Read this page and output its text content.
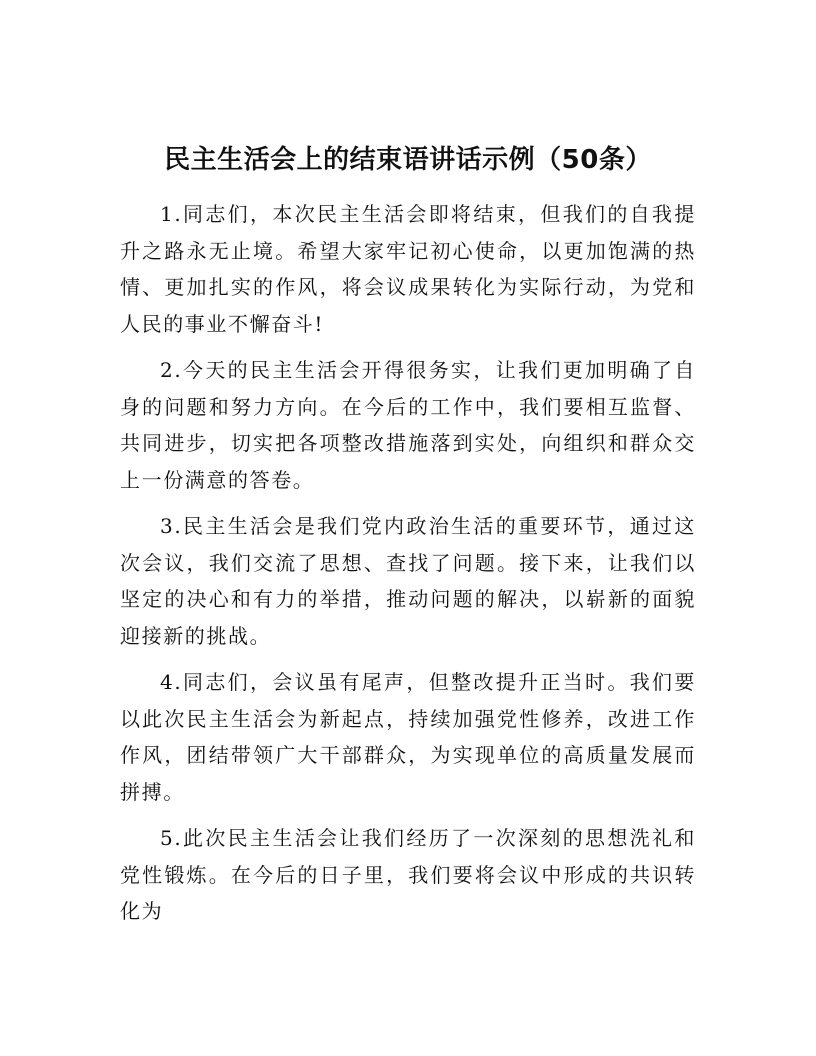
民主生活会上的结束语讲话示例（50条）

1.同志们，本次民主生活会即将结束，但我们的自我提升之路永无止境。希望大家牢记初心使命，以更加饱满的热情、更加扎实的作风，将会议成果转化为实际行动，为党和人民的事业不懈奋斗!

2.今天的民主生活会开得很务实，让我们更加明确了自身的问题和努力方向。在今后的工作中，我们要相互监督、共同进步，切实把各项整改措施落到实处，向组织和群众交上一份满意的答卷。

3.民主生活会是我们党内政治生活的重要环节，通过这次会议，我们交流了思想、查找了问题。接下来，让我们以坚定的决心和有力的举措，推动问题的解决，以崭新的面貌迎接新的挑战。

4.同志们，会议虽有尾声，但整改提升正当时。我们要以此次民主生活会为新起点，持续加强党性修养，改进工作作风，团结带领广大干部群众，为实现单位的高质量发展而拼搏。

5.此次民主生活会让我们经历了一次深刻的思想洗礼和党性锻炼。在今后的日子里，我们要将会议中形成的共识转化为
